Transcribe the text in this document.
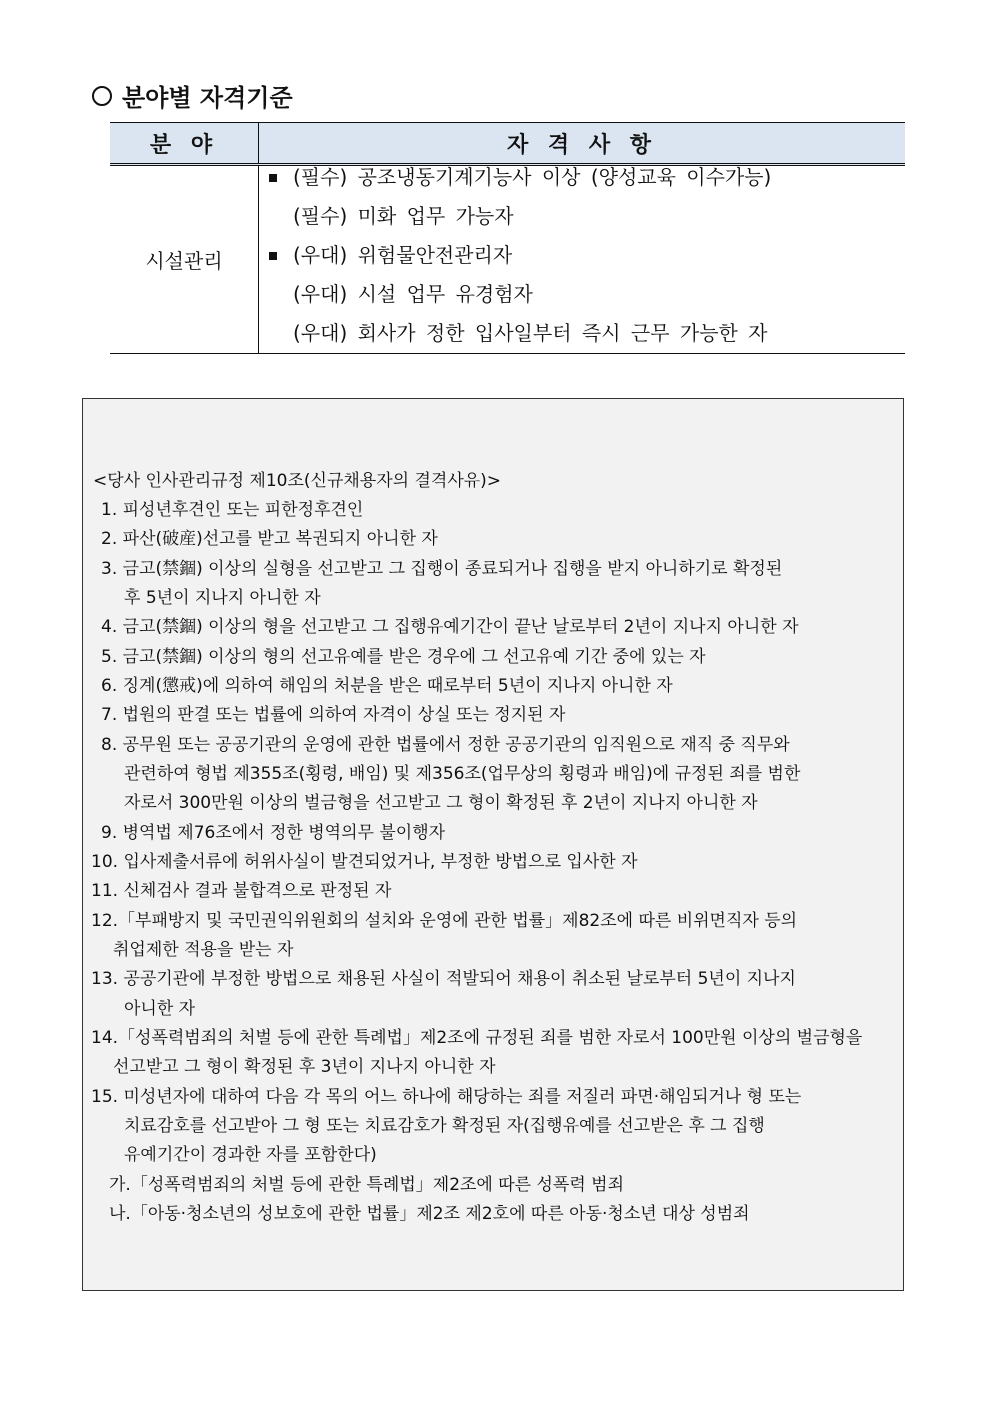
분야별 자격기준
분 야	자 격 사 항
시설관리	(필수) 공조냉동기계기능사 이상 (양성교육 이수가능)
(필수) 미화 업무 가능자
(우대) 위험물안전관리자
(우대) 시설 업무 유경험자
(우대) 회사가 정한 입사일부터 즉시 근무 가능한 자
<당사 인사관리규정 제10조(신규채용자의 결격사유)>
1. 피성년후견인 또는 피한정후견인
2. 파산(破産)선고를 받고 복권되지 아니한 자
3. 금고(禁錮) 이상의 실형을 선고받고 그 집행이 종료되거나 집행을 받지 아니하기로 확정된
후 5년이 지나지 아니한 자
4. 금고(禁錮) 이상의 형을 선고받고 그 집행유예기간이 끝난 날로부터 2년이 지나지 아니한 자
5. 금고(禁錮) 이상의 형의 선고유예를 받은 경우에 그 선고유예 기간 중에 있는 자
6. 징계(懲戒)에 의하여 해임의 처분을 받은 때로부터 5년이 지나지 아니한 자
7. 법원의 판결 또는 법률에 의하여 자격이 상실 또는 정지된 자
8. 공무원 또는 공공기관의 운영에 관한 법률에서 정한 공공기관의 임직원으로 재직 중 직무와
관련하여 형법 제355조(횡령, 배임) 및 제356조(업무상의 횡령과 배임)에 규정된 죄를 범한
자로서 300만원 이상의 벌금형을 선고받고 그 형이 확정된 후 2년이 지나지 아니한 자
9. 병역법 제76조에서 정한 병역의무 불이행자
10. 입사제출서류에 허위사실이 발견되었거나, 부정한 방법으로 입사한 자
11. 신체검사 결과 불합격으로 판정된 자
12.「부패방지 및 국민권익위원회의 설치와 운영에 관한 법률」제82조에 따른 비위면직자 등의
취업제한 적용을 받는 자
13. 공공기관에 부정한 방법으로 채용된 사실이 적발되어 채용이 취소된 날로부터 5년이 지나지
아니한 자
14.「성폭력범죄의 처벌 등에 관한 특례법」제2조에 규정된 죄를 범한 자로서 100만원 이상의 벌금형을
선고받고 그 형이 확정된 후 3년이 지나지 아니한 자
15. 미성년자에 대하여 다음 각 목의 어느 하나에 해당하는 죄를 저질러 파면·해임되거나 형 또는
치료감호를 선고받아 그 형 또는 치료감호가 확정된 자(집행유예를 선고받은 후 그 집행
유예기간이 경과한 자를 포함한다)
가.「성폭력범죄의 처벌 등에 관한 특례법」제2조에 따른 성폭력 범죄
나.「아동·청소년의 성보호에 관한 법률」제2조 제2호에 따른 아동·청소년 대상 성범죄
